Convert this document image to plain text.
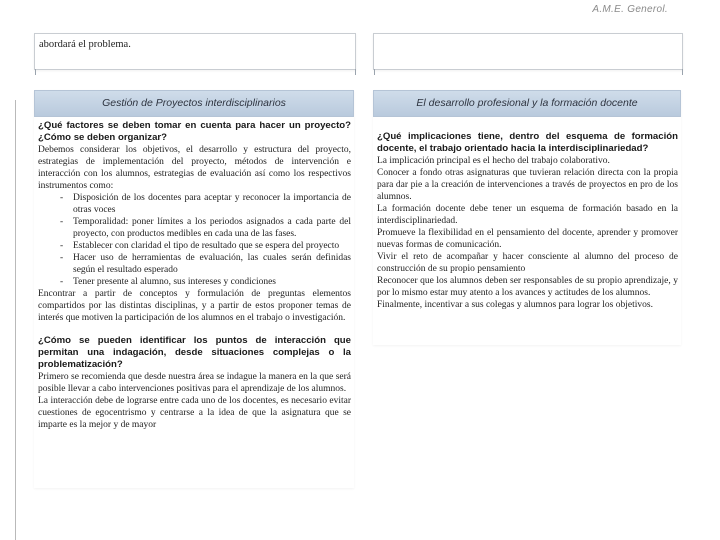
A.M.E. Generol.
abordará el problema.
Gestión de Proyectos interdisciplinarios

¿Qué factores se deben tomar en cuenta para hacer un proyecto? ¿Cómo se deben organizar?

Debemos considerar los objetivos, el desarrollo y estructura del proyecto, estrategias de implementación del proyecto, métodos de intervención e interacción con los alumnos, estrategias de evaluación así como los respectivos instrumentos como:

- Disposición de los docentes para aceptar y reconocer la importancia de otras voces
- Temporalidad: poner límites a los periodos asignados a cada parte del proyecto, con productos medibles en cada una de las fases.
- Establecer con claridad el tipo de resultado que se espera del proyecto
- Hacer uso de herramientas de evaluación, las cuales serán definidas según el resultado esperado
- Tener presente al alumno, sus intereses y condiciones

Encontrar a partir de conceptos y formulación de preguntas elementos compartidos por las distintas disciplinas, y a partir de estos proponer temas de interés que motiven la participación de los alumnos en el trabajo o investigación.

¿Cómo se pueden identificar los puntos de interacción que permitan una indagación, desde situaciones complejas o la problematización?

Primero se recomienda que desde nuestra área se indague la manera en la que será posible llevar a cabo intervenciones positivas para el aprendizaje de los alumnos.

La interacción debe de lograrse entre cada uno de los docentes, es necesario evitar cuestiones de egocentrismo y centrarse a la idea de que la asignatura que se imparte es la mejor y de mayor

El desarrollo profesional y la formación docente

¿Qué implicaciones tiene, dentro del esquema de formación docente, el trabajo orientado hacia la interdisciplinariedad?

La implicación principal es el hecho del trabajo colaborativo.

Conocer a fondo otras asignaturas que tuvieran relación directa con la propia para dar pie a la creación de intervenciones a través de proyectos en pro de los alumnos.

La formación docente debe tener un esquema de formación basado en la interdisciplinariedad.

Promueve la flexibilidad en el pensamiento del docente, aprender y promover nuevas formas de comunicación.

Vivir el reto de acompañar y hacer consciente al alumno del proceso de construcción de su propio pensamiento

Reconocer que los alumnos deben ser responsables de su propio aprendizaje, y por lo mismo estar muy atento a los avances y actitudes de los alumnos.

Finalmente, incentivar a sus colegas y alumnos para lograr los objetivos.
